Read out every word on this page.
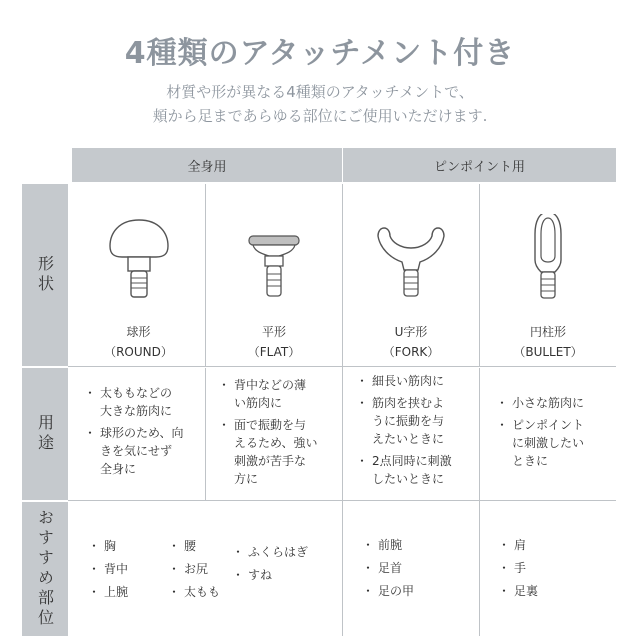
4種類のアタッチメント付き
材質や形が異なる4種類のアタッチメントで、
頬から足まであらゆる部位にご使用いただけます.
全身用	ピンポイント用
形状
用途
おすすめ部位
球形
（ROUND）
平形
（FLAT）
U字形
（FORK）
円柱形
（BULLET）
・ 太ももなどの
大きな筋肉に
・ 球形のため、向
きを気にせず
全身に
・ 背中などの薄
い筋肉に
・ 面で振動を与
えるため、強い
刺激が苦手な
方に
・ 細長い筋肉に
・ 筋肉を挟むよ
うに振動を与
えたいときに
・ 2点同時に刺激
したいときに
・ 小さな筋肉に
・ ピンポイント
に刺激したい
ときに
・ 胸
・ 背中
・ 上腕
・ 腰
・ お尻
・ 太もも
・ ふくらはぎ
・ すね
・ 前腕
・ 足首
・ 足の甲
・ 肩
・ 手
・ 足裏
